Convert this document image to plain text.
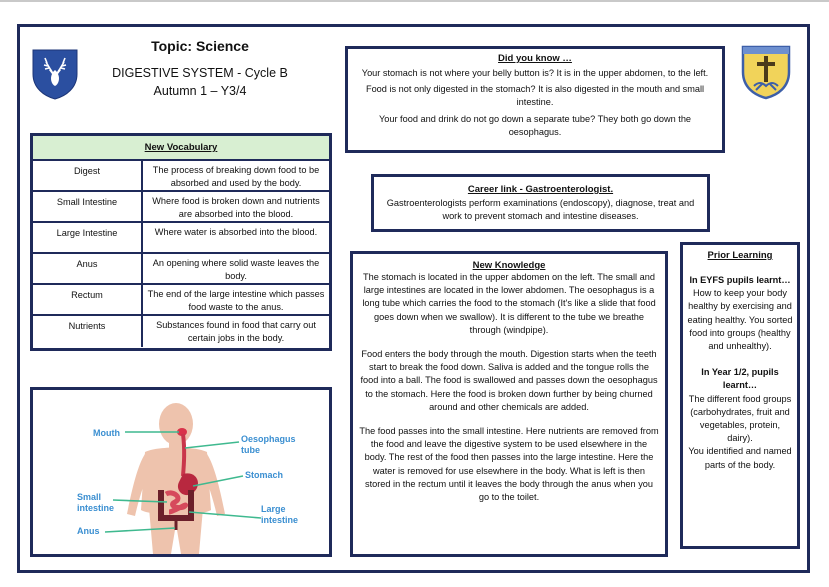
Topic: Science
DIGESTIVE SYSTEM - Cycle B
Autumn 1 – Y3/4
New Vocabulary
Digest	The process of breaking down food to be absorbed and used by the body.
Small Intestine	Where food is broken down and nutrients are absorbed into the blood.
Large Intestine	Where water is absorbed into the blood.
Anus	An opening where solid waste leaves the body.
Rectum	The end of the large intestine which passes food waste to the anus.
Nutrients	Substances found in food that carry out certain jobs in the body.
Did you know …
Your stomach is not where your belly button is? It is in the upper abdomen, to the left.
Food is not only digested in the stomach? It is also digested in the mouth and small intestine.
Your food and drink do not go down a separate tube? They both go down the oesophagus.
Career link - Gastroenterologist.
Gastroenterologists perform examinations (endoscopy), diagnose, treat and work to prevent stomach and intestine diseases.
New Knowledge
The stomach is located in the upper abdomen on the left. The small and large intestines are located in the lower abdomen. The oesophagus is a long tube which carries the food to the stomach (It's like a slide that food goes down when we swallow). It is different to the tube we breathe through (windpipe).
Food enters the body through the mouth. Digestion starts when the teeth start to break the food down. Saliva is added and the tongue rolls the food into a ball. The food is swallowed and passes down the oesophagus to the stomach. Here the food is broken down further by being churned around and other chemicals are added.
The food passes into the small intestine. Here nutrients are removed from the food and leave the digestive system to be used elsewhere in the body. The rest of the food then passes into the large intestine. Here the water is removed for use elsewhere in the body. What is left is then stored in the rectum until it leaves the body through the anus when you go to the toilet.
Prior Learning
In EYFS pupils learnt…
How to keep your body healthy by exercising and eating healthy. You sorted food into groups (healthy and unhealthy).
In Year 1/2, pupils learnt…
The different food groups (carbohydrates, fruit and vegetables, protein, dairy).
You identified and named parts of the body.
Mouth
Oesophagus tube
Stomach
Small intestine	Large intestine
Anus
